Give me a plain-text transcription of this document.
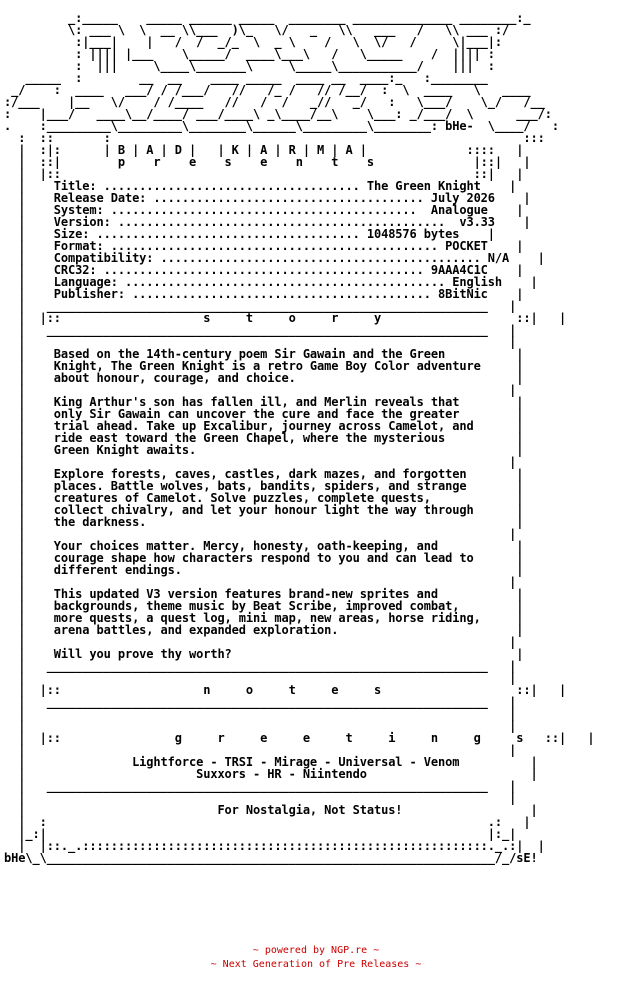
_:_____    _____ ______ _____  ________ ______________ ________:_
\: ___ \  \  __ \\___  )\_   \/   _   \\   ___   /   \\ ___ :/
:|___|    |   /  /  _/_  \  _ \    /   \  \/   /     \|___|:
: |||| |___    \_____/  ____\___\   /   \_____    /  |||| :
:  |||     \____\_______\     \_____\___________/    |||  :
_____  :        __  __    ____ _____  ____ __  ____:_   :________
_/    :  ____   ___/ / /___/   //   /_ /   // /__/  :  \  ____   \   ____
:/___    |__   \/    / /____   //   /  /   _//   _/   :   \___/    \_/   /__
:    |___/   ____\__/____/ ___/____\ _\____/__\    \___: _/___/  \      ___/:
.    :_________\_________\________\______\_________\________: bHe-  \____/   :
:  ::       :                                                          :::
|  :|:      | B | A | D |   | K | A | R | M | A |              ::::   |
|  ::|        p    r    e    s    e    n    t    s              |::|   |
|  |::                                                          ::|   |
|    Title: .................................... The Green Knight    |
|    Release Date: ...................................... July 2026    |
|    System: ...........................................  Analogue    |
|    Version: ..............................................  v3.33    |
|    Size: ..................................... 1048576 bytes    |
|    Format: .............................................. POCKET    |
|    Compatibility: ............................................. N/A    |
|    CRC32: ............................................. 9AAA4C1C    |
|    Language: ............................................. English    |
|    Publisher: .......................................... 8BitNic    |
|   ______________________________________________________________   |
|  |::                    s     t     o     r     y                   ::|   |
|   ______________________________________________________________   |
|                                                                    |
|    Based on the 14th-century poem Sir Gawain and the Green          |
|    Knight, The Green Knight is a retro Game Boy Color adventure     |
|    about honour, courage, and choice.                               |
|                                                                    |
|    King Arthur's son has fallen ill, and Merlin reveals that        |
|    only Sir Gawain can uncover the cure and face the greater        |
|    trial ahead. Take up Excalibur, journey across Camelot, and      |
|    ride east toward the Green Chapel, where the mysterious          |
|    Green Knight awaits.                                             |
|                                                                    |
|    Explore forests, caves, castles, dark mazes, and forgotten       |
|    places. Battle wolves, bats, bandits, spiders, and strange       |
|    creatures of Camelot. Solve puzzles, complete quests,            |
|    collect chivalry, and let your honour light the way through      |
|    the darkness.                                                    |
|                                                                    |
|    Your choices matter. Mercy, honesty, oath-keeping, and           |
|    courage shape how characters respond to you and can lead to      |
|    different endings.                                               |
|                                                                    |
|    This updated V3 version features brand-new sprites and           |
|    backgrounds, theme music by Beat Scribe, improved combat,        |
|    more quests, a quest log, mini map, new areas, horse riding,     |
|    arena battles, and expanded exploration.                         |
|                                                                    |
|    Will you prove thy worth?                                        |
|   ______________________________________________________________   |
|                                                                    |
|  |::                    n     o     t     e     s                   ::|   |
|   ______________________________________________________________   |
|                                                                    |
|                                                                    |
|  |::                g     r     e     e     t     i     n     g     s   ::|   |
|                                                                    |
|               Lightforce - TRSI - Mirage - Universal - Venom          |
|                        Suxxors - HR - Niintendo                       |
|   ______________________________________________________________   |
|                                                                    |
|                           For Nostalgia, Not Status!                  |
|  :                                                              .:   |
|_:|                                                              |:_|
|  |::._.:::::::::::::::::::::::::::::::::::::::::::::::::::::::::._.:|  |
bHe\_\_______________________________________________________________/_/sE!

~ powered by NGP.re ~
~ Next Generation of Pre Releases ~
